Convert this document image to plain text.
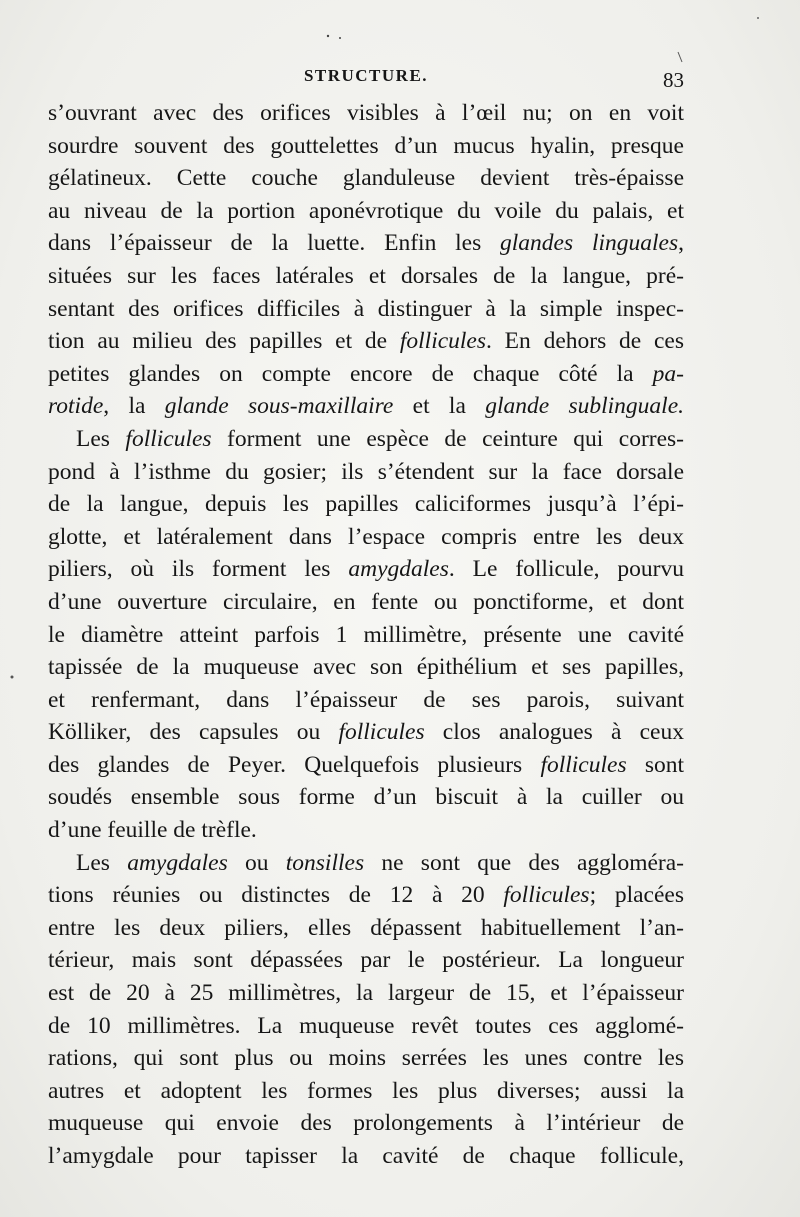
STRUCTURE.	83
s’ouvrant avec des orifices visibles à l’œil nu; on en voit
sourdre souvent des gouttelettes d’un mucus hyalin, presque
gélatineux. Cette couche glanduleuse devient très-épaisse
au niveau de la portion aponévrotique du voile du palais, et
dans l’épaisseur de la luette. Enfin les glandes linguales,
situées sur les faces latérales et dorsales de la langue, pré-
sentant des orifices difficiles à distinguer à la simple inspec-
tion au milieu des papilles et de follicules. En dehors de ces
petites glandes on compte encore de chaque côté la pa-
rotide, la glande sous-maxillaire et la glande sublinguale.
Les follicules forment une espèce de ceinture qui corres-
pond à l’isthme du gosier; ils s’étendent sur la face dorsale
de la langue, depuis les papilles caliciformes jusqu’à l’épi-
glotte, et latéralement dans l’espace compris entre les deux
piliers, où ils forment les amygdales. Le follicule, pourvu
d’une ouverture circulaire, en fente ou ponctiforme, et dont
le diamètre atteint parfois 1 millimètre, présente une cavité
tapissée de la muqueuse avec son épithélium et ses papilles,
et renfermant, dans l’épaisseur de ses parois, suivant
Kölliker, des capsules ou follicules clos analogues à ceux
des glandes de Peyer. Quelquefois plusieurs follicules sont
soudés ensemble sous forme d’un biscuit à la cuiller ou
d’une feuille de trèfle.
Les amygdales ou tonsilles ne sont que des aggloméra-
tions réunies ou distinctes de 12 à 20 follicules; placées
entre les deux piliers, elles dépassent habituellement l’an-
térieur, mais sont dépassées par le postérieur. La longueur
est de 20 à 25 millimètres, la largeur de 15, et l’épaisseur
de 10 millimètres. La muqueuse revêt toutes ces agglomé-
rations, qui sont plus ou moins serrées les unes contre les
autres et adoptent les formes les plus diverses; aussi la
muqueuse qui envoie des prolongements à l’intérieur de
l’amygdale pour tapisser la cavité de chaque follicule,
